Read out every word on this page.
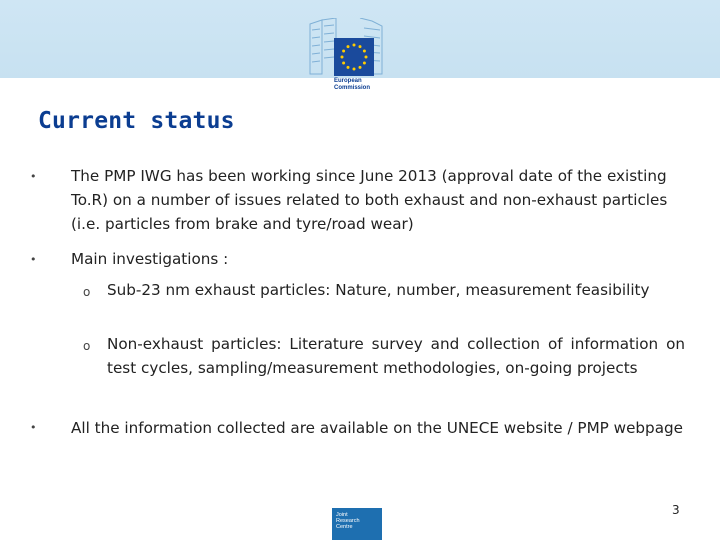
European
Commission
Current status
• The PMP IWG has been working since June 2013 (approval date of the existing To.R) on a number of issues related to both exhaust and non-exhaust particles (i.e. particles from brake and tyre/road wear)

• Main investigations :

o Sub-23 nm exhaust particles: Nature, number, measurement feasibility

o Non-exhaust particles: Literature survey and collection of information on test cycles, sampling/measurement methodologies, on-going projects

• All the information collected are available on the UNECE website / PMP webpage

Joint
Research
Centre
3
